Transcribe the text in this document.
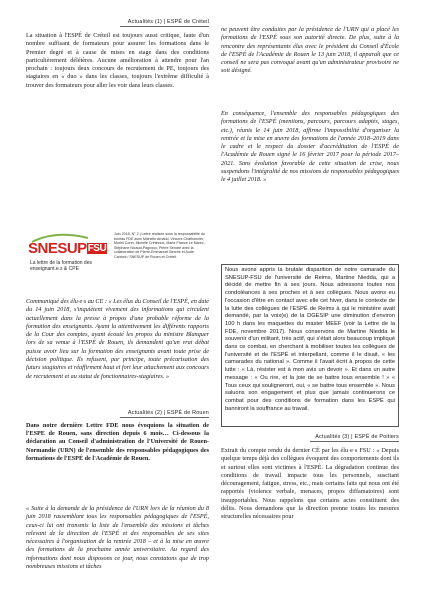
Actualités (1) | ESPÉ de Créteil

La situation à l'ESPÉ de Créteil est toujours aussi critique, faute d'un nombre suffisant de formateurs pour assurer les formations dans le Premier degré et à cause de mises en stage dans des conditions particulièrement délétères. Aucune amélioration à attendre pour l'an prochain : toujours deux concours de recrutement de PE, toujours des stagiaires en « duo » dans les classes, toujours l'extrême difficulté à trouver des formateurs pour aller les voir dans leurs classes.

SNESUPFSU
La lettre de la formation des enseignant.e.s & CPE
Juin 2018, N° 2 | Lettre réalisée sous la responsabilité du bureau FDE avec Michelle Arnaud, Vincent Charbonnier, Muriel Coret, Michèle Crétinoux, Marie-France Le Marec, Stéphane Nicaud-Pagnoux, Pierre Sendré avec la collaboration de Pierre-Emmanuel Berche et Aude Cantoni / SNESUP de Rouen et Créteil.

Communiqué des élu·e·s au CE : « Les élus du Conseil de l'ESPÉ, en date du 14 juin 2018, s'inquiètent vivement des informations qui circulent actuellement dans la presse à propos d'une probable réforme de la formation des enseignants. Ayant lu attentivement les différents rapports de la Cour des comptes, ayant écouté les propos du ministre Blanquer lors de sa venue à l'ESPÉ de Rouen, ils demandent qu'un vrai débat puisse avoir lieu sur la formation des enseignants avant toute prise de décision politique. Ils refusent, par principe, toute précarisation des futurs stagiaires et réaffirment haut et fort leur attachement aux concours de recrutement et au statut de fonctionnaires-stagiaires. »

Actualités (2) | ESPÉ de Rouen

Dans notre dernière Lettre FDE nous évoquions la situation de l'ESPE de Rouen, sans direction depuis 6 mois… Ci-dessous la déclaration au Conseil d'administration de l'Université de Rouen-Normandie (URN) de l'ensemble des responsables pédagogiques des formations de l'ESPÉ de l'Académie de Rouen.

« Suite à la demande de la présidence de l'URN lors de la réunion du 8 juin 2018 rassemblant tous les responsables pédagogiques de l'ESPÉ, ceux-ci lui ont transmis la liste de l'ensemble des missions et tâches relevant de la direction de l'ESPÉ et des responsables de ses sites nécessaires à l'organisation de la rentrée 2018 – et à la mise en œuvre des formations de la prochaine année universitaire. Au regard des informations dont nous disposons ce jour, nous constatons que de trop nombreuses missions et tâches

ne peuvent être conduites par la présidence de l'URN qui a placé les formations de l'ESPÉ sous son autorité directe. De plus, suite à la rencontre des représentants élus avec le président du Conseil d'École de l'ESPÉ de l'Académie de Rouen le 13 juin 2018, il apparaît que ce conseil ne sera pas convoqué avant qu'un administrateur provisoire ne soit désigné.

En conséquence, l'ensemble des responsables pédagogiques des formations de l'ESPÉ (mentions, parcours, parcours adaptés, stages, etc.), réunis le 14 juin 2018, affirme l'impossibilité d'organiser la rentrée et la mise en œuvre des formations de l'année 2018–2019 dans le cadre et le respect du dossier d'accréditation de l'ESPÉ de l'Académie de Rouen signé le 16 février 2017 pour la période 2017–2021. Sans évolution favorable de cette situation de crise, nous suspendons l'intégralité de nos missions de responsables pédagogiques le 4 juillet 2018. »

Nous avons appris la brutale disparition de notre camarade du SNESUP-FSU de l'université de Reims, Martine Niedda, qui a décidé de mettre fin à ses jours. Nous adressons toutes nos condoléances à ses proches et à ses collègues. Nous avons eu l'occasion d'être en contact avec elle cet hiver, dans le contexte de la lutte des collègues de l'ESPÉ de Reims à qui le ministère avait demandé, par la voix(e) de la DGESIP une diminution d'environ 100 h dans les maquettes du master MEEF (voir la Lettre de la FDE, novembre 2017). Nous conservons de Martine Niedda le souvenir d'un militant, très actif, qui s'était alors beaucoup impliqué dans ce combat, en cherchant à mobiliser toutes les collègues de l'université et de l'ESPÉ et interpellant, comme il le disait, « les camarades du national ». Comme il l'avait écrit à propos de cette lutte : « Là, résister est à mon avis un devoir ». Et dans un autre message : « Ou rire, et la joie de se battre tous ensemble ! » « Tous ceux qui souligneront, oui, « se battre tous ensemble ». Nous saluons son engagement et plus que jamais continuerons ce combat pour des conditions de formation dans les ESPÉ qui banniront la souffrance au travail.
Actualités (3) | ESPÉ de Poitiers

Extrait du compte rendu du dernier CÉ par les élu·e·s FSU : « Depuis quelque temps déjà des collègues évoquent des comportements dont ils et surtout elles sont victimes à l'ESPÉ. La dégradation continue des conditions de travail impacte tous les personnels, suscitant découragement, fatigue, stress, etc., mais certains faits qui nous ont été rapportés (violence verbale, menaces, propos diffamatoires) sont insupportables. Nous rappelons que certains actes constituent des délits. Nous demandons que la direction prenne toutes les mesures structurelles nécessaires pour
